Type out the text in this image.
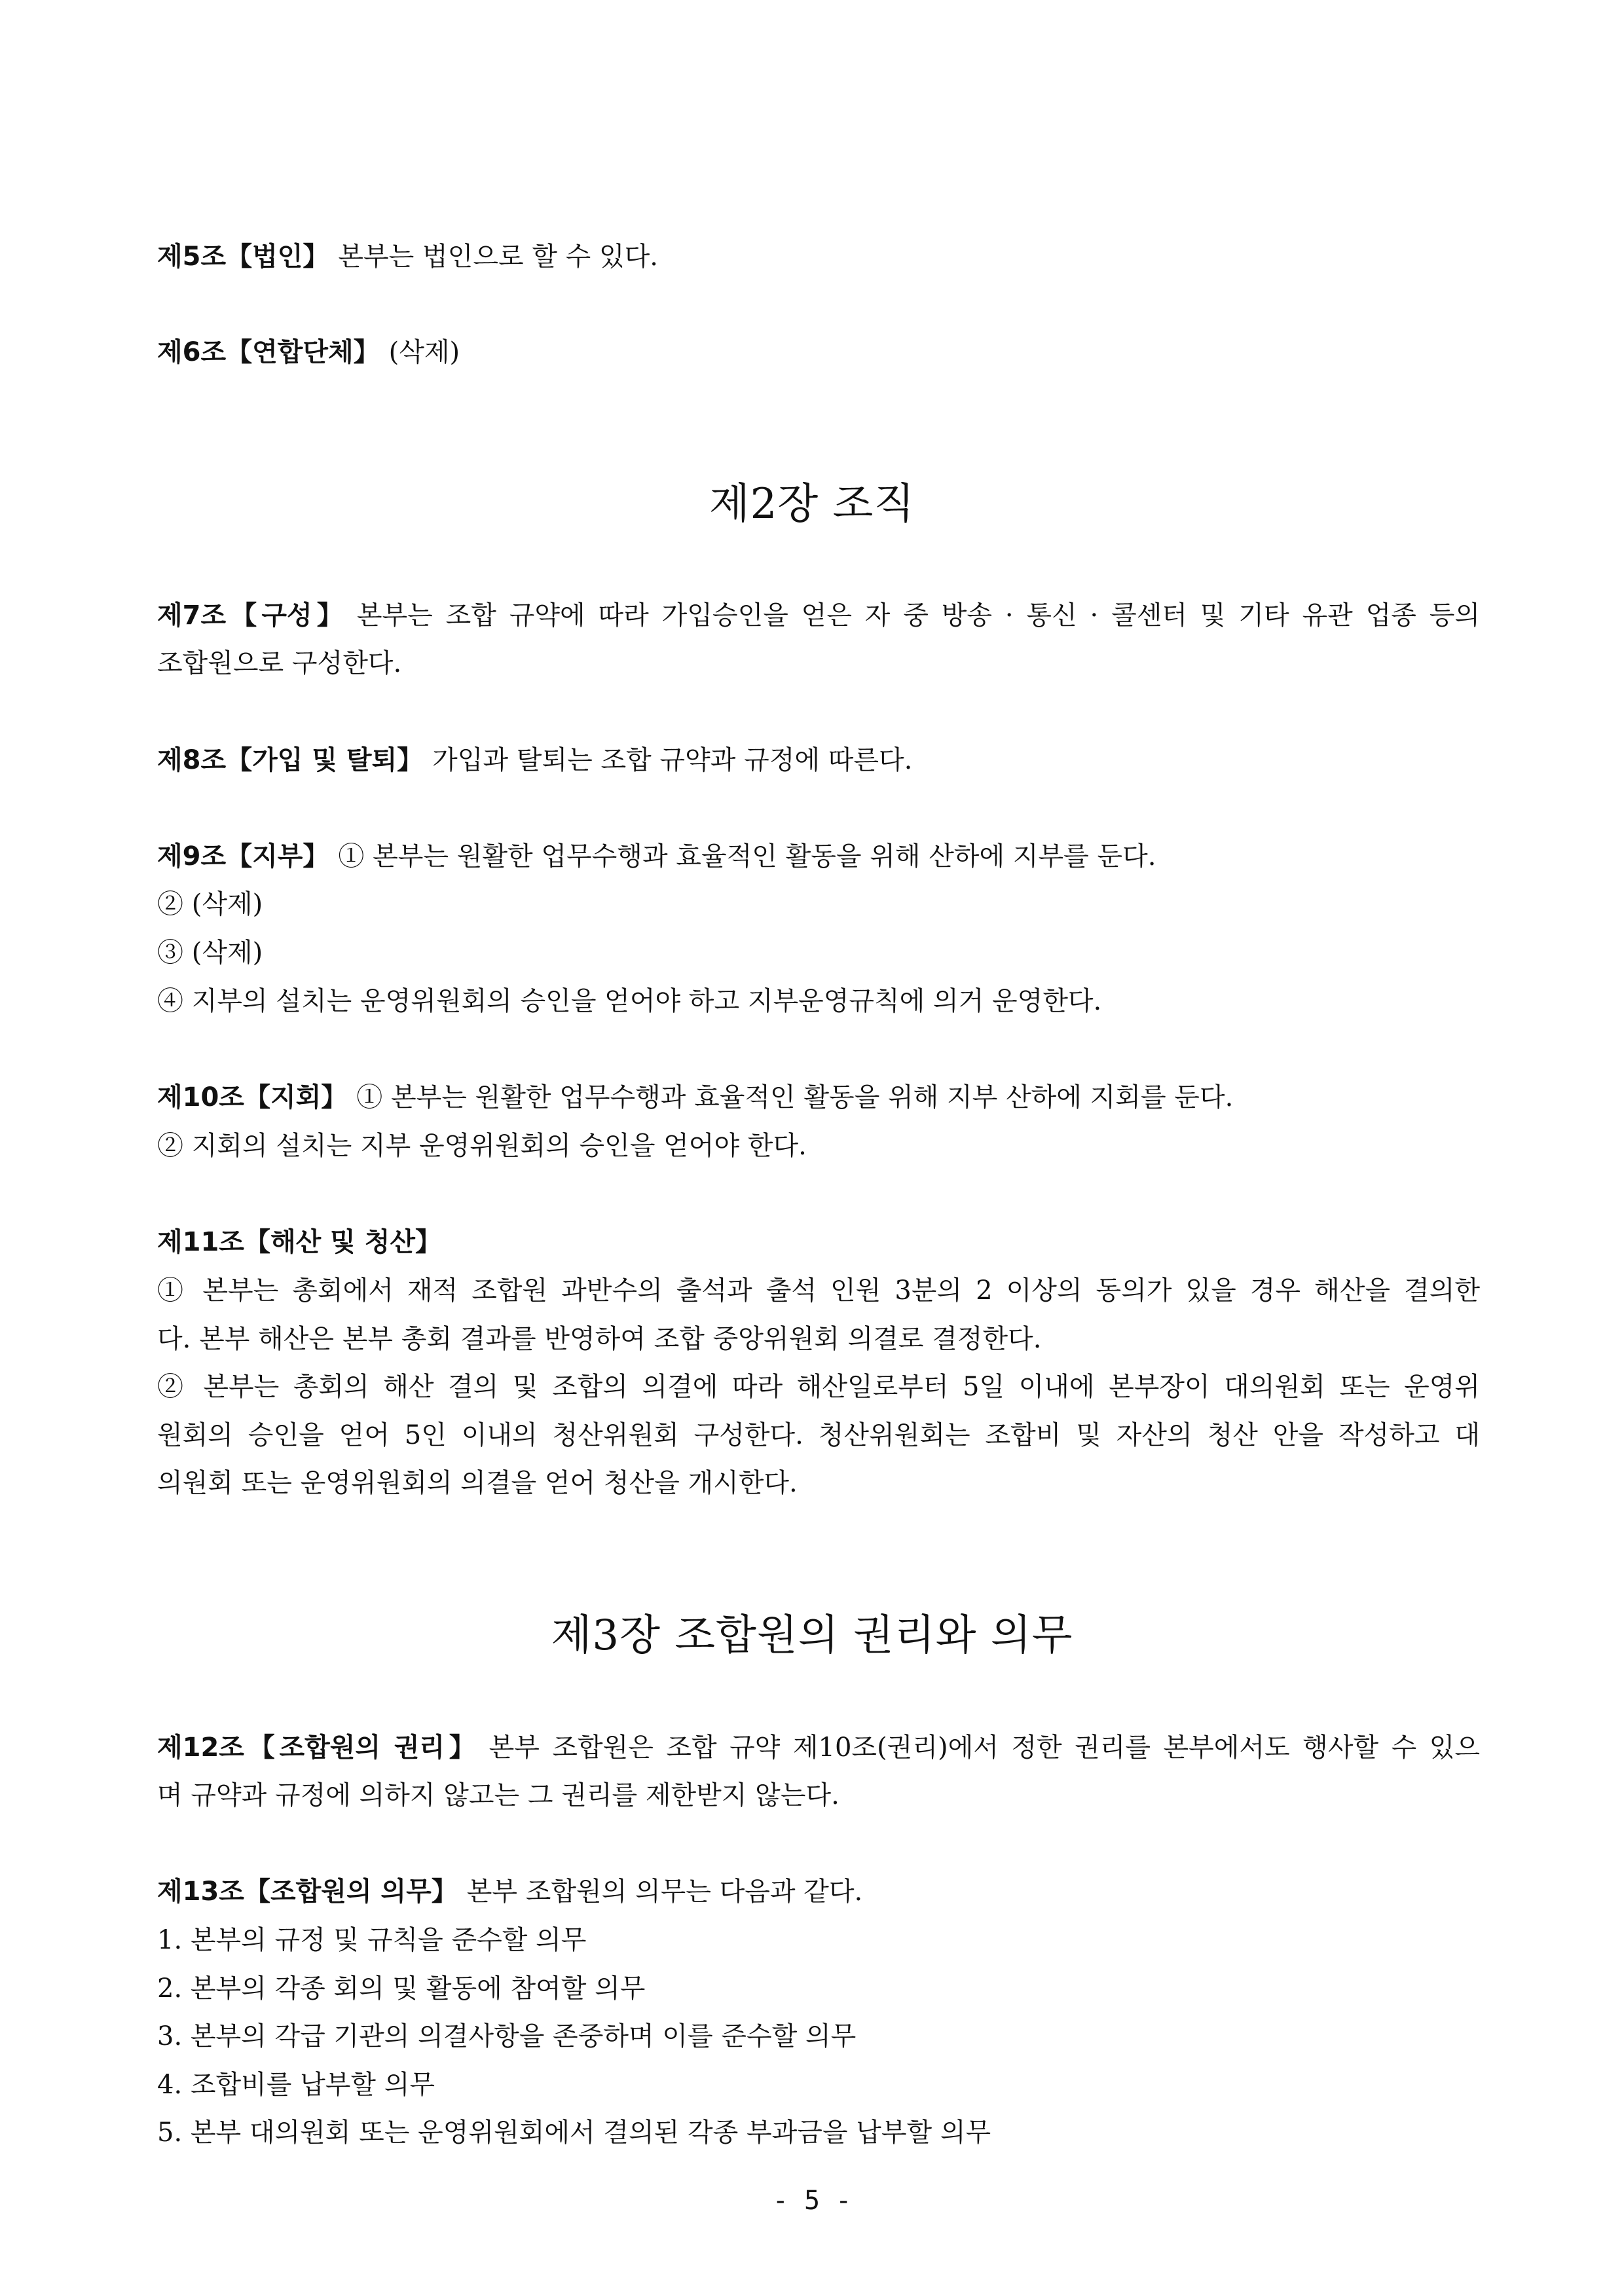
제5조【법인】 본부는 법인으로 할 수 있다.
제6조【연합단체】 (삭제)
제2장 조직
제7조【구성】 본부는 조합 규약에 따라 가입승인을 얻은 자 중 방송 · 통신 · 콜센터 및 기타 유관 업종 등의
조합원으로 구성한다.
제8조【가입 및 탈퇴】 가입과 탈퇴는 조합 규약과 규정에 따른다.
제9조【지부】 ① 본부는 원활한 업무수행과 효율적인 활동을 위해 산하에 지부를 둔다.
② (삭제)
③ (삭제)
④ 지부의 설치는 운영위원회의 승인을 얻어야 하고 지부운영규칙에 의거 운영한다.
제10조【지회】 ① 본부는 원활한 업무수행과 효율적인 활동을 위해 지부 산하에 지회를 둔다.
② 지회의 설치는 지부 운영위원회의 승인을 얻어야 한다.
제11조【해산 및 청산】
① 본부는 총회에서 재적 조합원 과반수의 출석과 출석 인원 3분의 2 이상의 동의가 있을 경우 해산을 결의한
다. 본부 해산은 본부 총회 결과를 반영하여 조합 중앙위원회 의결로 결정한다.
② 본부는 총회의 해산 결의 및 조합의 의결에 따라 해산일로부터 5일 이내에 본부장이 대의원회 또는 운영위
원회의 승인을 얻어 5인 이내의 청산위원회 구성한다. 청산위원회는 조합비 및 자산의 청산 안을 작성하고 대
의원회 또는 운영위원회의 의결을 얻어 청산을 개시한다.
제3장 조합원의 권리와 의무
제12조【조합원의 권리】 본부 조합원은 조합 규약 제10조(권리)에서 정한 권리를 본부에서도 행사할 수 있으
며 규약과 규정에 의하지 않고는 그 권리를 제한받지 않는다.
제13조【조합원의 의무】 본부 조합원의 의무는 다음과 같다.
1. 본부의 규정 및 규칙을 준수할 의무
2. 본부의 각종 회의 및 활동에 참여할 의무
3. 본부의 각급 기관의 의결사항을 존중하며 이를 준수할 의무
4. 조합비를 납부할 의무
5. 본부 대의원회 또는 운영위원회에서 결의된 각종 부과금을 납부할 의무
- 5 -
